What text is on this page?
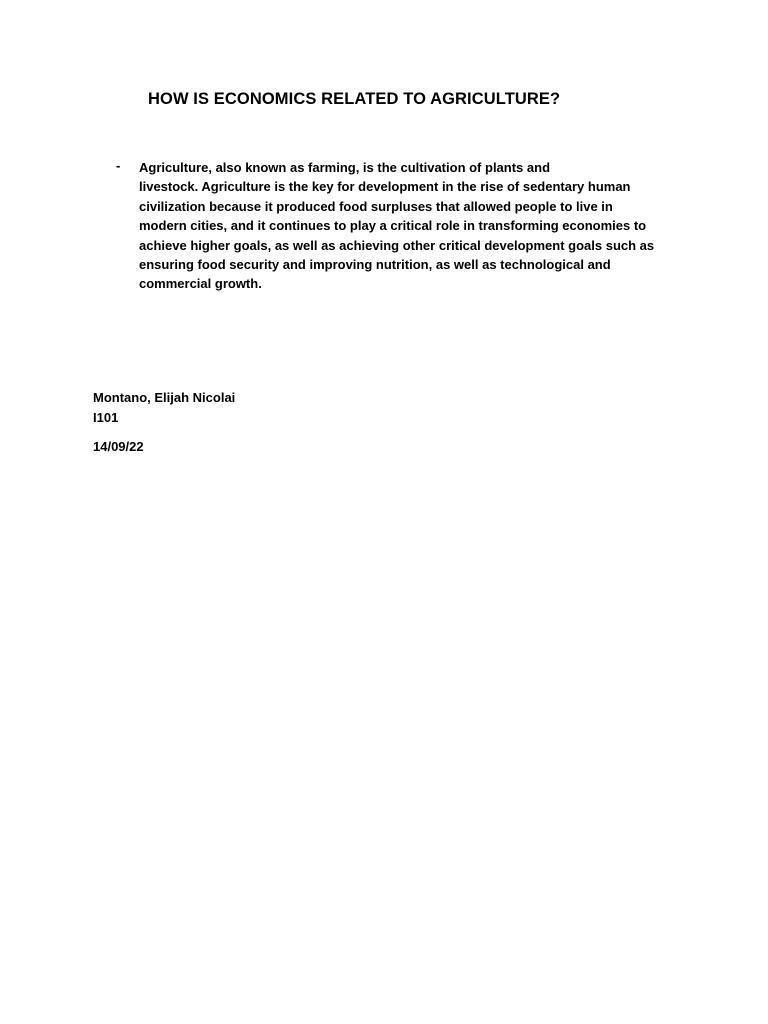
HOW IS ECONOMICS RELATED TO AGRICULTURE?
- Agriculture, also known as farming, is the cultivation of plants and
livestock. Agriculture is the key for development in the rise of sedentary human
civilization because it produced food surpluses that allowed people to live in
modern cities, and it continues to play a critical role in transforming economies to
achieve higher goals, as well as achieving other critical development goals such as
ensuring food security and improving nutrition, as well as technological and
commercial growth.
Montano, Elijah Nicolai
I101
14/09/22
